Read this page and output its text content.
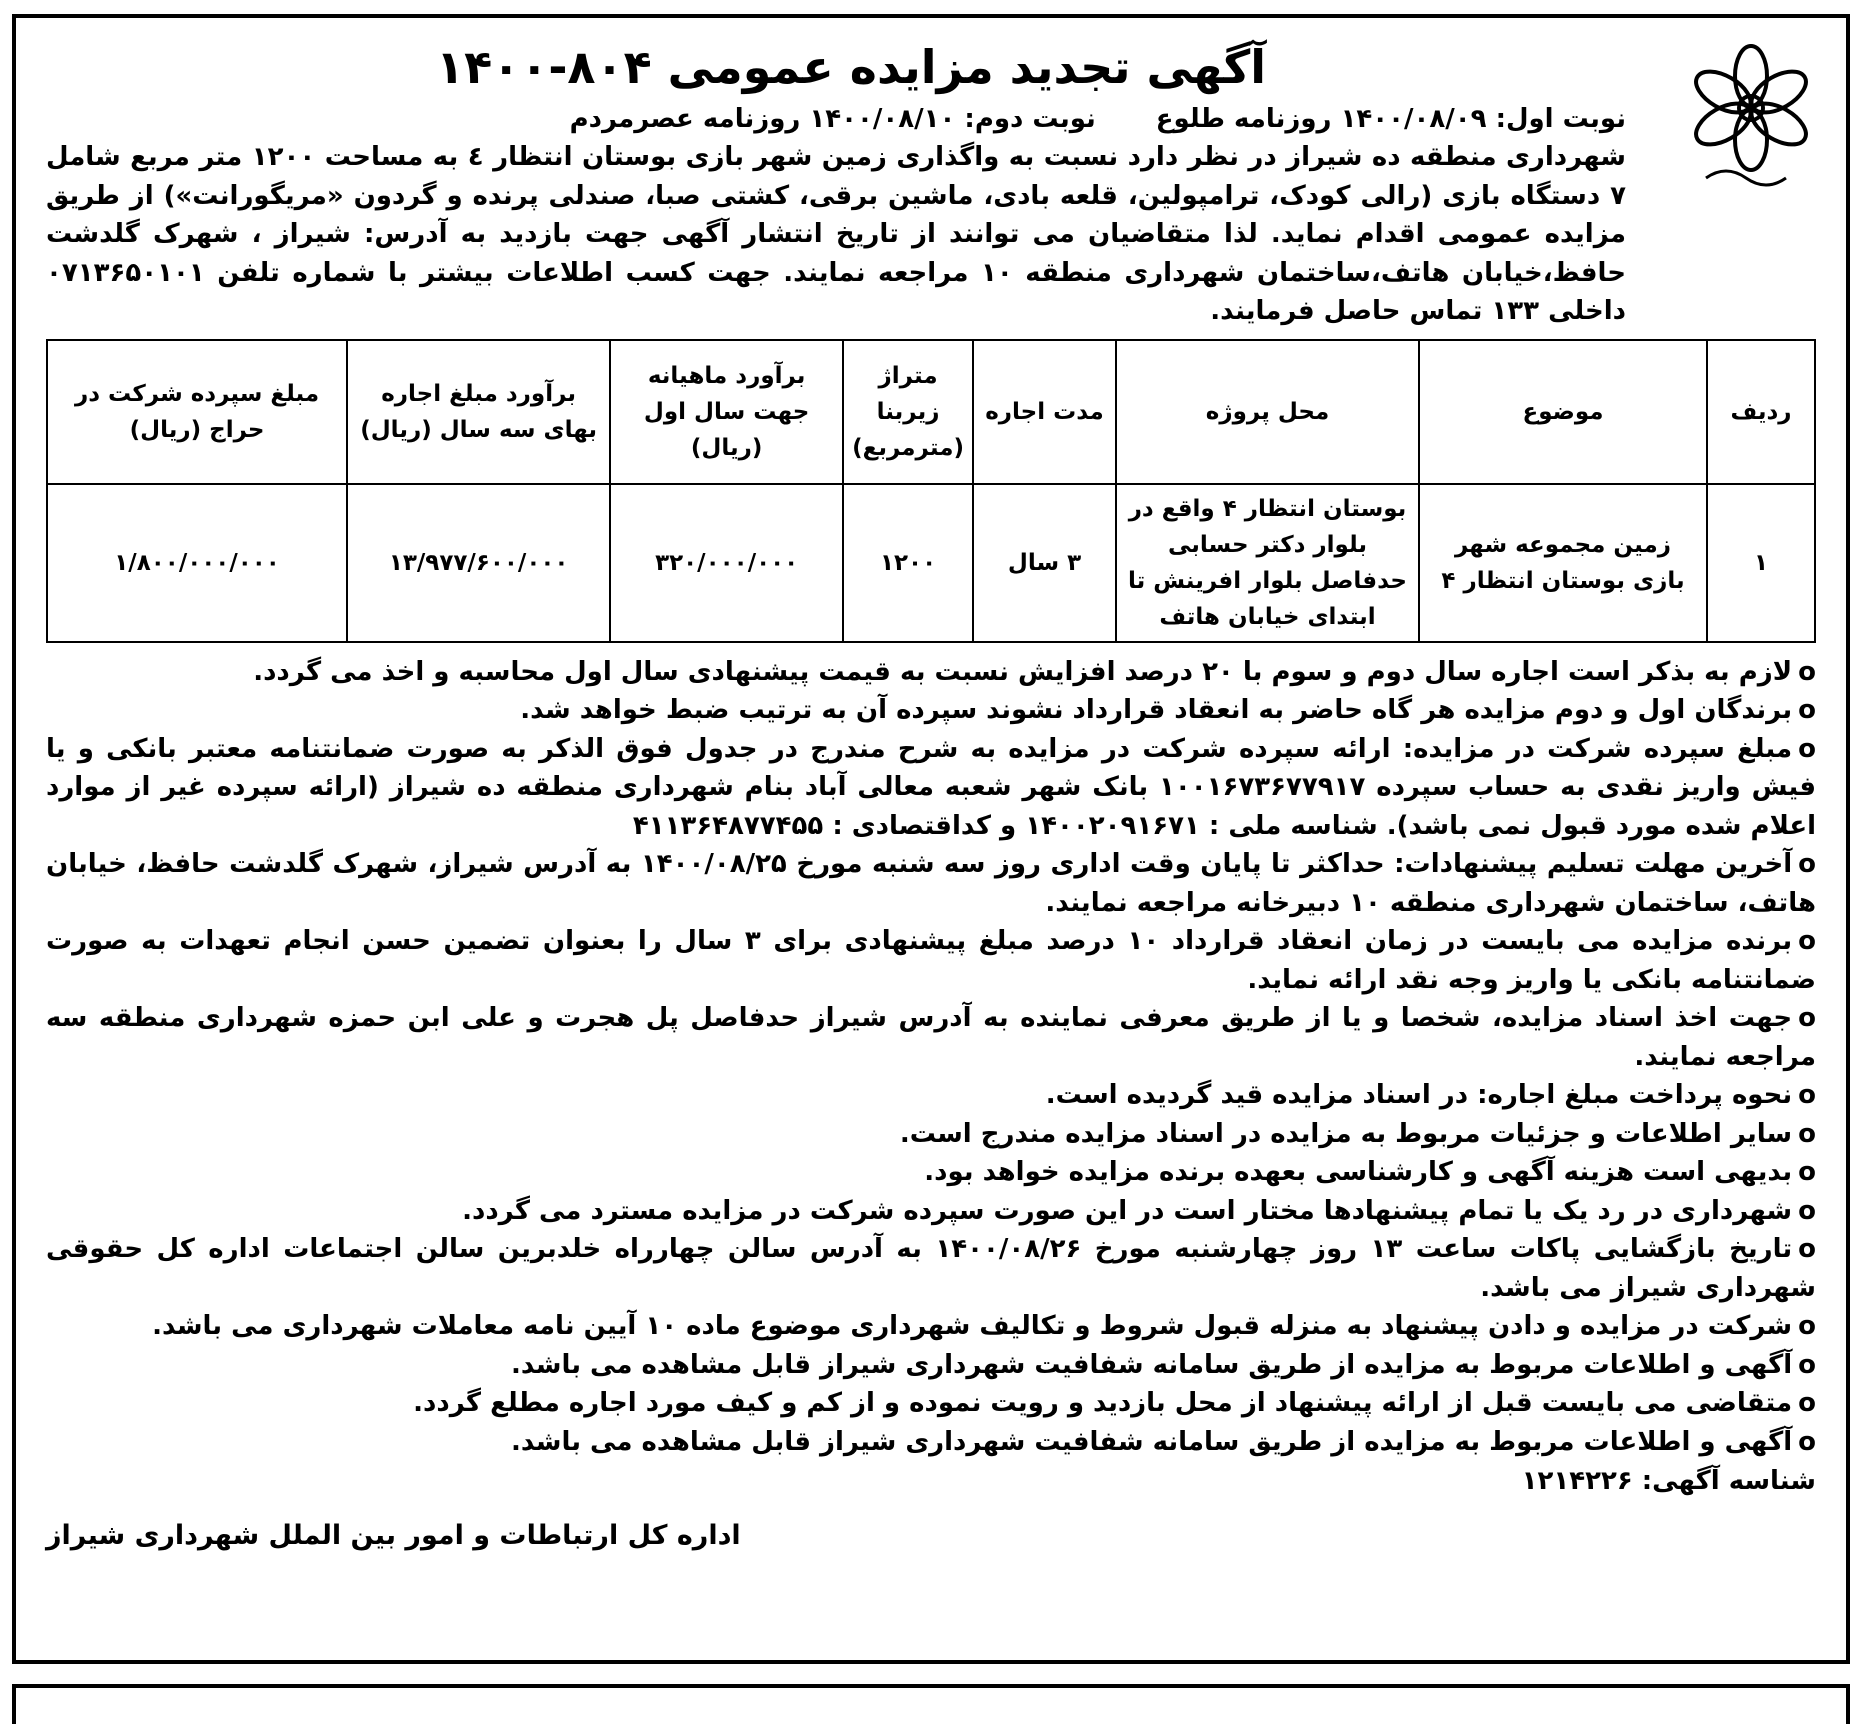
آگهی تجدید مزایده عمومی ۸۰۴-۱۴۰۰
نوبت اول: ۱۴۰۰/۰۸/۰۹ روزنامه طلوع
نوبت دوم: ۱۴۰۰/۰۸/۱۰ روزنامه عصرمردم
شهرداری منطقه ده شیراز در نظر دارد نسبت به واگذاری زمین شهر بازی بوستان انتظار ٤ به مساحت ۱۲۰۰ متر مربع شامل ۷ دستگاه بازی (رالی کودک، ترامپولین، قلعه بادی، ماشین برقی، کشتی صبا، صندلی پرنده و گردون «مریگورانت») از طریق مزایده عمومی اقدام نماید. لذا متقاضیان می توانند از تاریخ انتشار آگهی جهت بازدید به آدرس: شیراز ، شهرک گلدشت حافظ،خیابان هاتف،ساختمان شهرداری منطقه ۱۰ مراجعه نمایند. جهت کسب اطلاعات بیشتر با شماره تلفن ۰۷۱۳۶۵۰۱۰۱ داخلی ۱۳۳ تماس حاصل فرمایند.
ردیف	موضوع	محل پروژه	مدت اجاره	متراژ زیربنا (مترمربع)	برآورد ماهیانه جهت سال اول (ریال)	برآورد مبلغ اجاره بهای سه سال (ریال)	مبلغ سپرده شرکت در حراج (ریال)
۱	زمین مجموعه شهر بازی بوستان انتظار ۴	بوستان انتظار ۴ واقع در بلوار دکتر حسابی حدفاصل بلوار افرینش تا ابتدای خیابان هاتف	۳ سال	۱۲۰۰	۳۲۰/۰۰۰/۰۰۰	۱۳/۹۷۷/۶۰۰/۰۰۰	۱/۸۰۰/۰۰۰/۰۰۰
oلازم به بذکر است اجاره سال دوم و سوم با ۲۰ درصد افزایش نسبت به قیمت پیشنهادی سال اول محاسبه و اخذ می گردد.
oبرندگان اول و دوم مزایده هر گاه حاضر به انعقاد قرارداد نشوند سپرده آن به ترتیب ضبط خواهد شد.
oمبلغ سپرده شرکت در مزایده: ارائه سپرده شرکت در مزایده به شرح مندرج در جدول فوق الذکر به صورت ضمانتنامه معتبر بانکی و یا فیش واریز نقدی به حساب سپرده ۱۰۰۱۶۷۳۶۷۷۹۱۷ بانک شهر شعبه معالی آباد بنام شهرداری منطقه ده شیراز (ارائه سپرده غیر از موارد اعلام شده مورد قبول نمی باشد). شناسه ملی : ۱۴۰۰۲۰۹۱۶۷۱ و کداقتصادی : ۴۱۱۳۶۴۸۷۷۴۵۵
oآخرین مهلت تسلیم پیشنهادات: حداکثر تا پایان وقت اداری روز سه شنبه مورخ ۱۴۰۰/۰۸/۲۵ به آدرس شیراز، شهرک گلدشت حافظ، خیابان هاتف، ساختمان شهرداری منطقه ۱۰ دبیرخانه مراجعه نمایند.
oبرنده مزایده می بایست در زمان انعقاد قرارداد ۱۰ درصد مبلغ پیشنهادی برای ۳ سال را بعنوان تضمین حسن انجام تعهدات به صورت ضمانتنامه بانکی یا واریز وجه نقد ارائه نماید.
oجهت اخذ اسناد مزایده، شخصا و یا از طریق معرفی نماینده به آدرس شیراز حدفاصل پل هجرت و علی ابن حمزه شهرداری منطقه سه مراجعه نمایند.
oنحوه پرداخت مبلغ اجاره: در اسناد مزایده قید گردیده است.
oسایر اطلاعات و جزئیات مربوط به مزایده در اسناد مزایده مندرج است.
oبدیهی است هزینه آگهی و کارشناسی بعهده برنده مزایده خواهد بود.
oشهرداری در رد یک یا تمام پیشنهادها مختار است در این صورت سپرده شرکت در مزایده مسترد می گردد.
oتاریخ بازگشایی پاکات ساعت ۱۳ روز چهارشنبه مورخ ۱۴۰۰/۰۸/۲۶ به آدرس سالن چهارراه خلدبرین سالن اجتماعات اداره کل حقوقی شهرداری شیراز می باشد.
oشرکت در مزایده و دادن پیشنهاد به منزله قبول شروط و تکالیف شهرداری موضوع ماده ۱۰ آیین نامه معاملات شهرداری می باشد.
oآگهی و اطلاعات مربوط به مزایده از طریق سامانه شفافیت شهرداری شیراز قابل مشاهده می باشد.
oمتقاضی می بایست قبل از ارائه پیشنهاد از محل بازدید و رویت نموده و از کم و کیف مورد اجاره مطلع گردد.
oآگهی و اطلاعات مربوط به مزایده از طریق سامانه شفافیت شهرداری شیراز قابل مشاهده می باشد.
شناسه آگهی: ۱۲۱۴۲۲۶
اداره کل ارتباطات و امور بین الملل شهرداری شیراز
